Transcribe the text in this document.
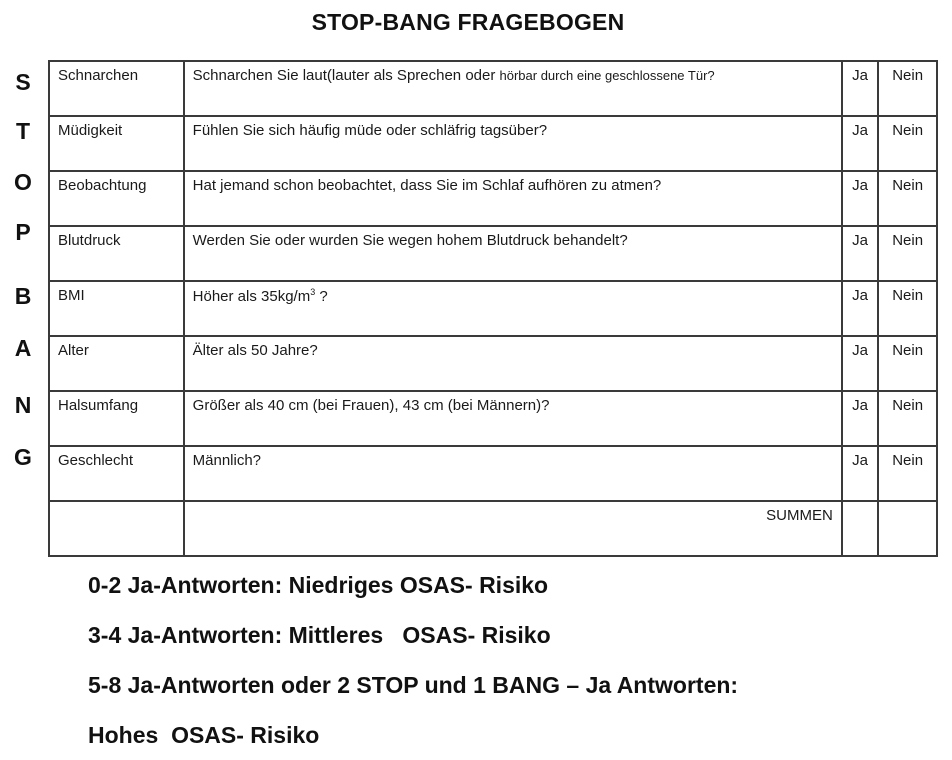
STOP-BANG FRAGEBOGEN
S
T
O
P
B
A
N
G
Schnarchen	Schnarchen Sie laut(lauter als Sprechen oder hörbar durch eine geschlossene Tür?	Ja	Nein
Müdigkeit	Fühlen Sie sich häufig müde oder schläfrig tagsüber?	Ja	Nein
Beobachtung	Hat jemand schon beobachtet, dass Sie im Schlaf aufhören zu atmen?	Ja	Nein
Blutdruck	Werden Sie oder wurden Sie wegen hohem Blutdruck behandelt?	Ja	Nein
BMI	Höher als $35kg/m^3$ ?	Ja	Nein
Alter	Älter als 50 Jahre?	Ja	Nein
Halsumfang	Größer als 40 cm (bei Frauen), 43 cm (bei Männern)?	Ja	Nein
Geschlecht	Männlich?	Ja	Nein
	SUMMEN		
0-2 Ja-Antworten: Niedriges OSAS- Risiko
3-4 Ja-Antworten: Mittleres   OSAS- Risiko
5-8 Ja-Antworten oder 2 STOP und 1 BANG – Ja Antworten:
Hohes  OSAS- Risiko
